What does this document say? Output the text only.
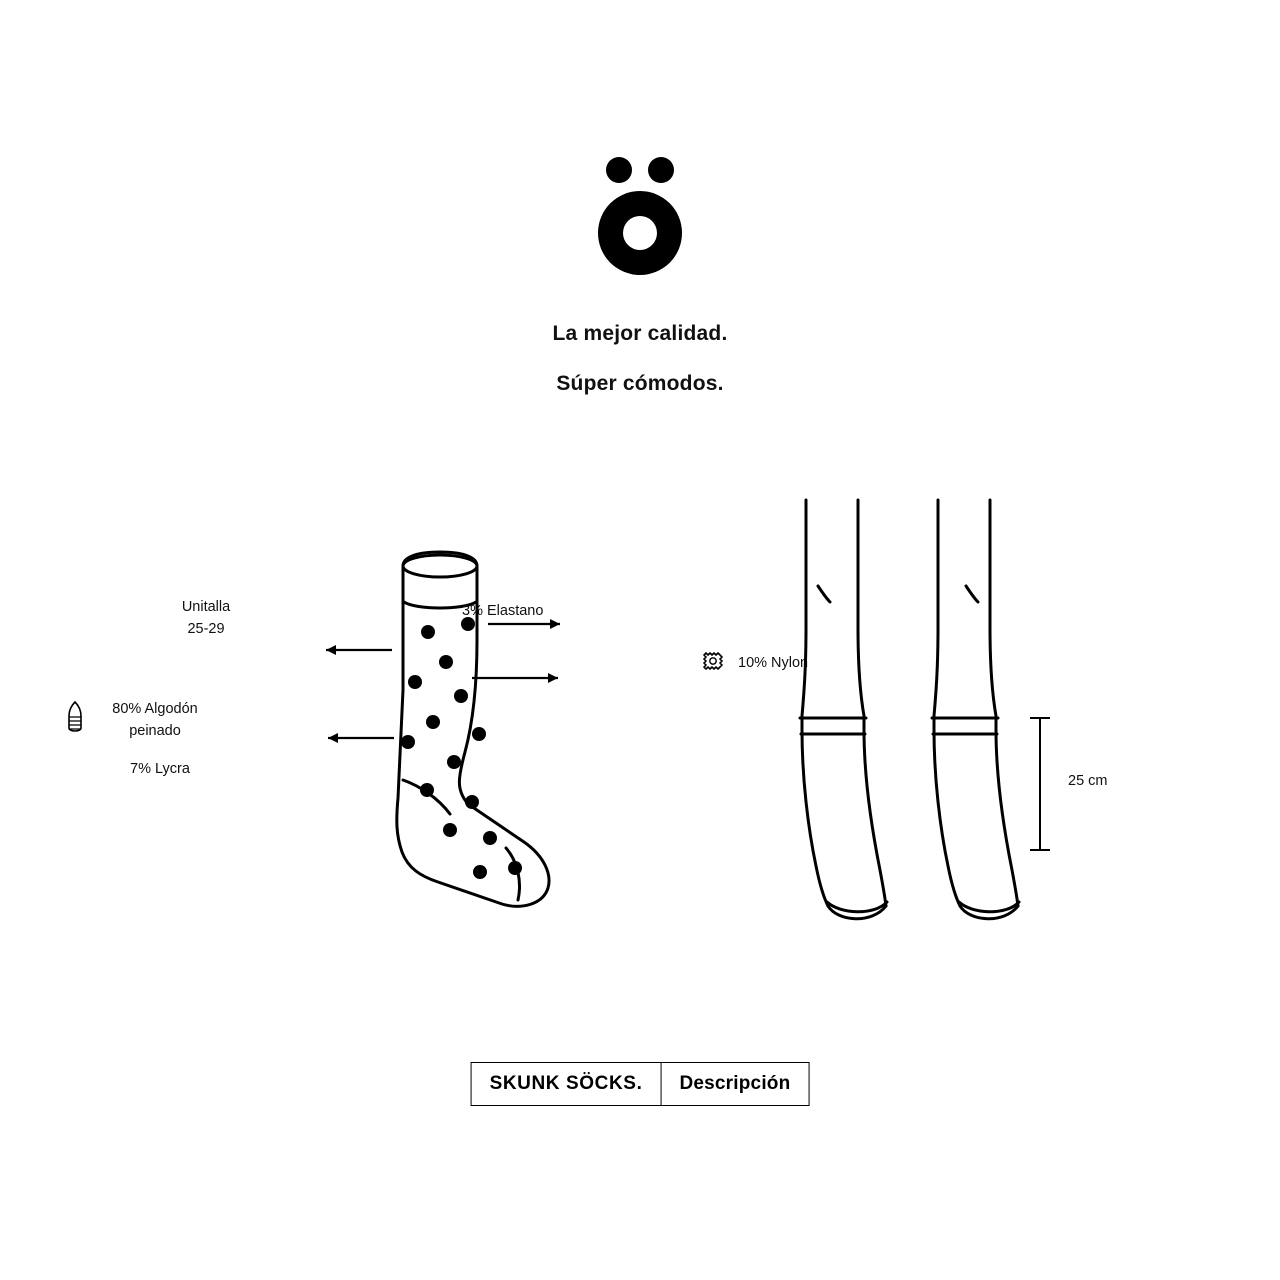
La mejor calidad.
Súper cómodos.
Unitalla
25-29
3% Elastano
10% Nylon
80% Algodón
peinado
7% Lycra
25 cm
SKUNK SÖCKS. Descripción
